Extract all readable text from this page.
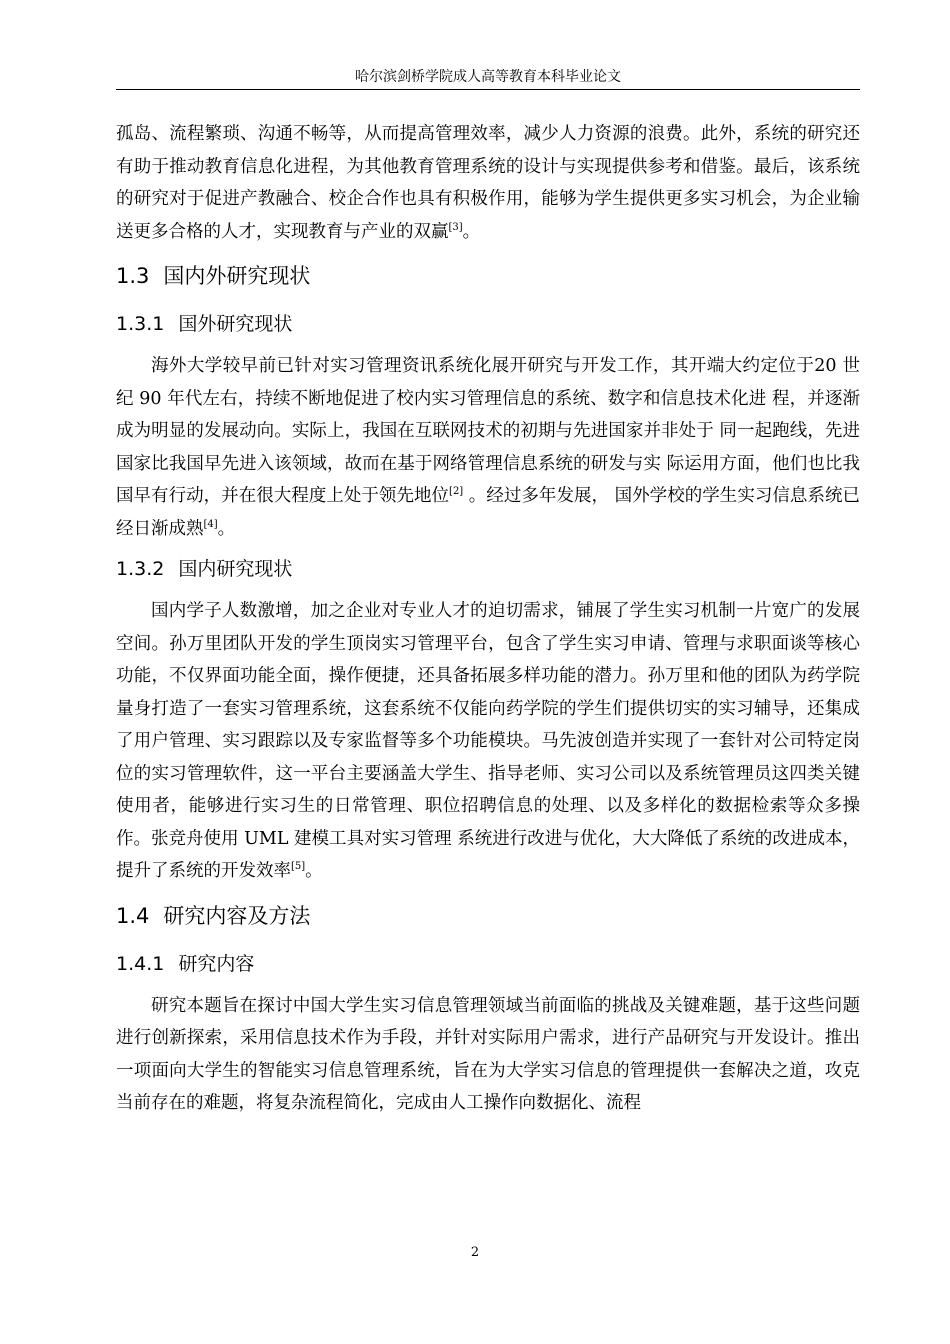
哈尔滨剑桥学院成人高等教育本科毕业论文

孤岛、流程繁琐、沟通不畅等，从而提高管理效率，减少人力资源的浪费。此外，系统的研究还有助于推动教育信息化进程，为其他教育管理系统的设计与实现提供参考和借鉴。最后，该系统的研究对于促进产教融合、校企合作也具有积极作用，能够为学生提供更多实习机会，为企业输送更多合格的人才，实现教育与产业的双赢[3]。

1.3 国内外研究现状
1.3.1 国外研究现状

海外大学较早前已针对实习管理资讯系统化展开研究与开发工作，其开端大约定位于20 世纪 90 年代左右，持续不断地促进了校内实习管理信息的系统、数字和信息技术化进 程，并逐渐成为明显的发展动向。实际上，我国在互联网技术的初期与先进国家并非处于 同一起跑线，先进国家比我国早先进入该领域，故而在基于网络管理信息系统的研发与实 际运用方面，他们也比我国早有行动，并在很大程度上处于领先地位[2] 。经过多年发展， 国外学校的学生实习信息系统已经日渐成熟[4]。

1.3.2 国内研究现状

国内学子人数激增，加之企业对专业人才的迫切需求，铺展了学生实习机制一片宽广的发展空间。孙万里团队开发的学生顶岗实习管理平台，包含了学生实习申请、管理与求职面谈等核心功能，不仅界面功能全面，操作便捷，还具备拓展多样功能的潜力。孙万里和他的团队为药学院量身打造了一套实习管理系统，这套系统不仅能向药学院的学生们提供切实的实习辅导，还集成了用户管理、实习跟踪以及专家监督等多个功能模块。马先波创造并实现了一套针对公司特定岗位的实习管理软件，这一平台主要涵盖大学生、指导老师、实习公司以及系统管理员这四类关键使用者，能够进行实习生的日常管理、职位招聘信息的处理、以及多样化的数据检索等众多操作。张竞舟使用 UML 建模工具对实习管理 系统进行改进与优化，大大降低了系统的改进成本，提升了系统的开发效率[5]。

1.4 研究内容及方法
1.4.1 研究内容

研究本题旨在探讨中国大学生实习信息管理领域当前面临的挑战及关键难题，基于这些问题进行创新探索，采用信息技术作为手段，并针对实际用户需求，进行产品研究与开发设计。推出一项面向大学生的智能实习信息管理系统，旨在为大学实习信息的管理提供一套解决之道，攻克当前存在的难题，将复杂流程简化，完成由人工操作向数据化、流程

2
